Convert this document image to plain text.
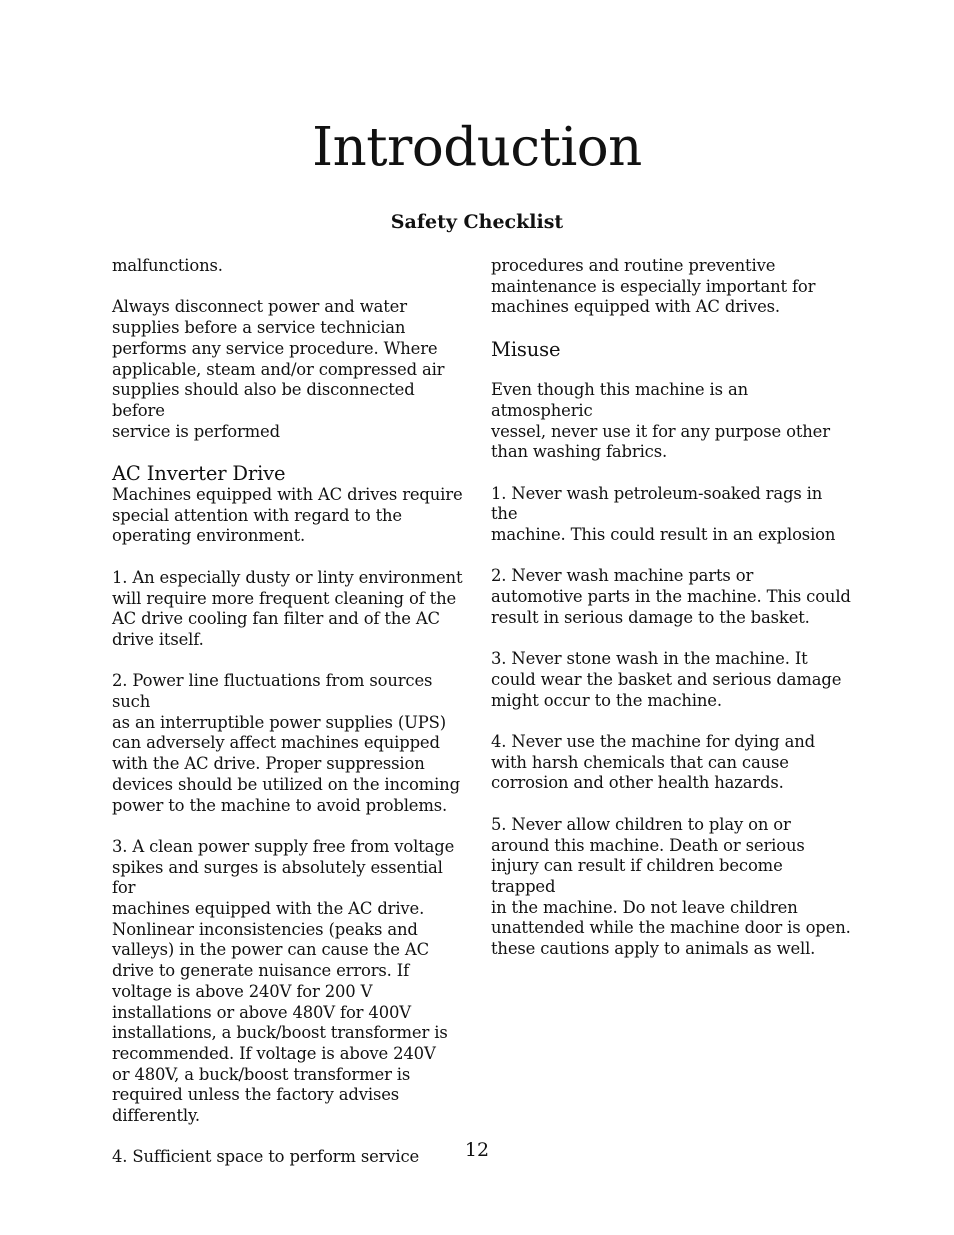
Introduction
Safety Checklist

malfunctions.

Always disconnect power and water
supplies before a service technician
performs any service procedure. Where
applicable, steam and/or compressed air
supplies should also be disconnected before
service is performed

AC Inverter Drive

Machines equipped with AC drives require
special attention with regard to the
operating environment.

1. An especially dusty or linty environment
will require more frequent cleaning of the
AC drive cooling fan filter and of the AC
drive itself.

2. Power line fluctuations from sources such
as an interruptible power supplies (UPS)
can adversely affect machines equipped
with the AC drive. Proper suppression
devices should be utilized on the incoming
power to the machine to avoid problems.

3. A clean power supply free from voltage
spikes and surges is absolutely essential for
machines equipped with the AC drive.
Nonlinear inconsistencies (peaks and
valleys) in the power can cause the AC
drive to generate nuisance errors. If
voltage is above 240V for 200 V
installations or above 480V for 400V
installations, a buck/boost transformer is
recommended. If voltage is above 240V
or 480V, a buck/boost transformer is
required unless the factory advises
differently.

4. Sufficient space to perform service

procedures and routine preventive
maintenance is especially important for
machines equipped with AC drives.

Misuse

Even though this machine is an atmospheric
vessel, never use it for any purpose other
than washing fabrics.

1. Never wash petroleum-soaked rags in the
machine. This could result in an explosion

2. Never wash machine parts or
automotive parts in the machine. This could
result in serious damage to the basket.

3. Never stone wash in the machine. It
could wear the basket and serious damage
might occur to the machine.

4. Never use the machine for dying and
with harsh chemicals that can cause
corrosion and other health hazards.

5. Never allow children to play on or
around this machine. Death or serious
injury can result if children become trapped
in the machine. Do not leave children
unattended while the machine door is open.
these cautions apply to animals as well.

12
